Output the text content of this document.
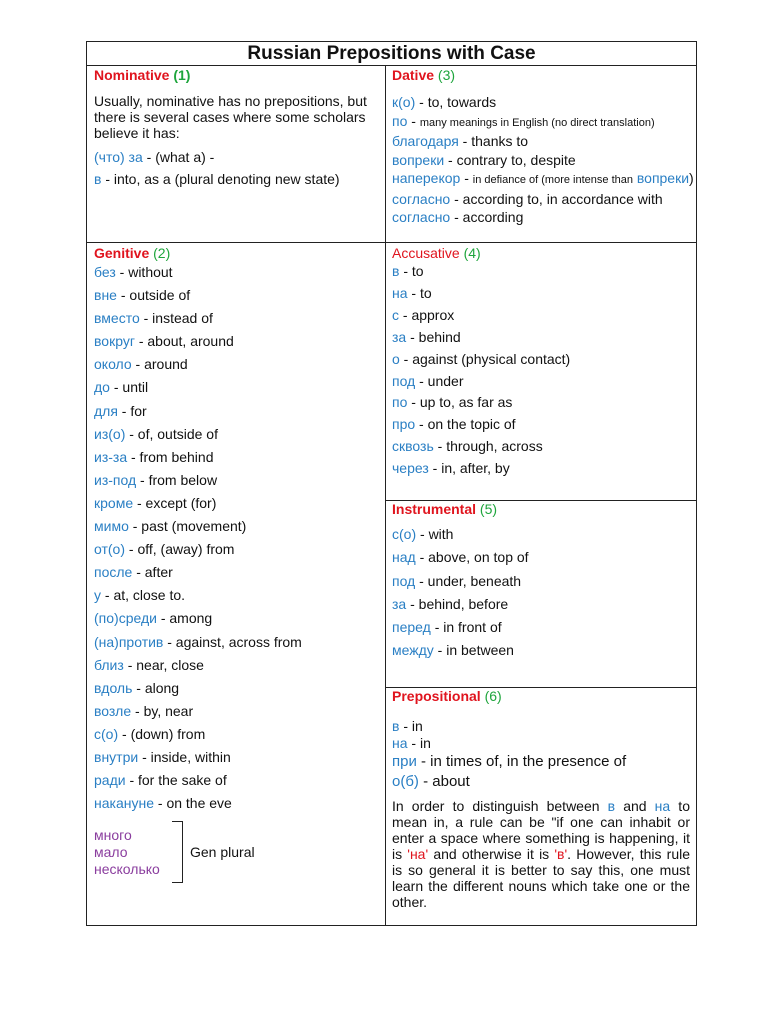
Russian Prepositions with Case

Nominative (1)

Usually, nominative has no prepositions, but there is several cases where some scholars believe it has:

(что) за - (what a) -

в - into, as a (plural denoting new state)

Dative (3)

к(о) - to, towards

по - many meanings in English (no direct translation)

благодаря - thanks to

вопреки - contrary to, despite

наперекор - in defiance of (more intense than вопреки)

согласно - according to, in accordance with

согласно - according

Genitive (2)

без - without

вне - outside of

вместо - instead of

вокруг - about, around

около - around

до - until

для - for

из(о) - of, outside of

из-за - from behind

из-под - from below

кроме - except (for)

мимо - past (movement)

от(о) - off, (away) from

после - after

у - at, close to.

(по)среди - among

(на)против - against, across from

близ - near, close

вдоль - along

возле - by, near

с(о) - (down) from

внутри - inside, within

ради - for the sake of

накануне - on the eve

много

мало

несколько

Gen plural

Accusative (4)

в - to

на - to

с - approx

за - behind

о - against (physical contact)

под - under

по - up to, as far as

про - on the topic of

сквозь - through, across

через - in, after, by

Instrumental (5)

с(о) - with

над - above, on top of

под - under, beneath

за - behind, before

перед - in front of

между - in between

Prepositional (6)

в - in

на - in

при - in times of, in the presence of

о(б) - about

In order to distinguish between в and на to mean in, a rule can be "if one can inhabit or enter a space where something is happening, it is 'на' and otherwise it is 'в'. However, this rule is so general it is better to say this, one must learn the different nouns which take one or the other.
